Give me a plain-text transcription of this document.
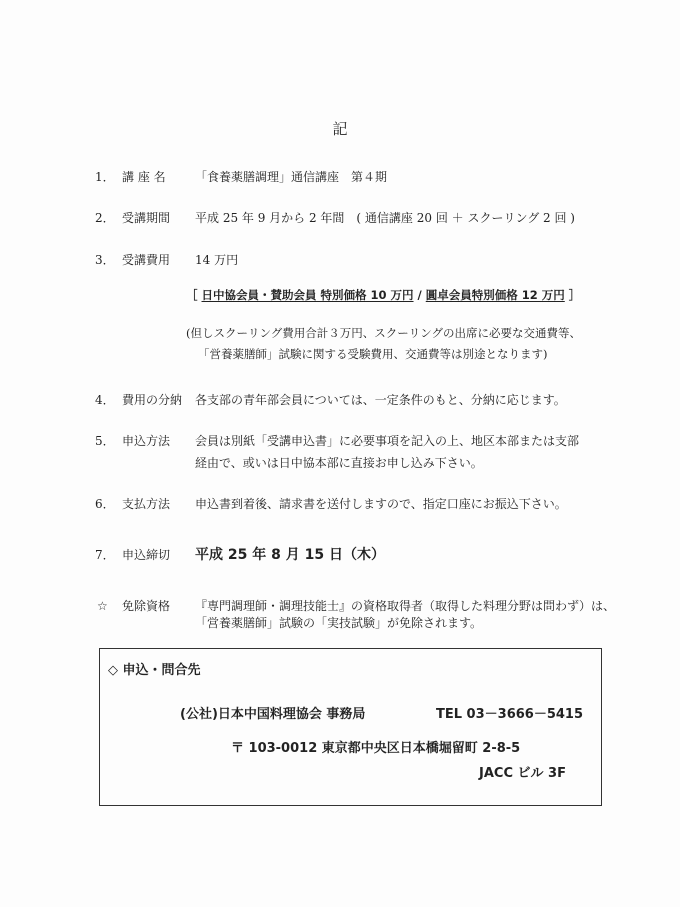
記
1． 講 座 名 「食養薬膳調理」通信講座　第４期
2． 受講期間 平成 25 年 9 月から 2 年間　( 通信講座 20 回 ＋ スクーリング 2 回 )
3． 受講費用 14 万円
［ 日中協会員・賛助会員 特別価格 10 万円 / 圓卓会員特別価格 12 万円 ］
(但しスクーリング費用合計３万円、スクーリングの出席に必要な交通費等、
「営養薬膳師」試験に関する受験費用、交通費等は別途となります)
4． 費用の分納 各支部の青年部会員については、一定条件のもと、分納に応じます。
5． 申込方法 会員は別紙「受講申込書」に必要事項を記入の上、地区本部または支部
経由で、或いは日中協本部に直接お申し込み下さい。
6． 支払方法 申込書到着後、請求書を送付しますので、指定口座にお振込下さい。
7． 申込締切 平成 25 年 8 月 15 日（木）
☆ 免除資格 『専門調理師・調理技能士』の資格取得者（取得した料理分野は問わず）は、
「営養薬膳師」試験の「実技試験」が免除されます。
◇ 申込・問合先
(公社)日本中国料理協会 事務局	TEL 03－3666－5415
〒 103-0012 東京都中央区日本橋堀留町 2-8-5
JACC ビル 3F
